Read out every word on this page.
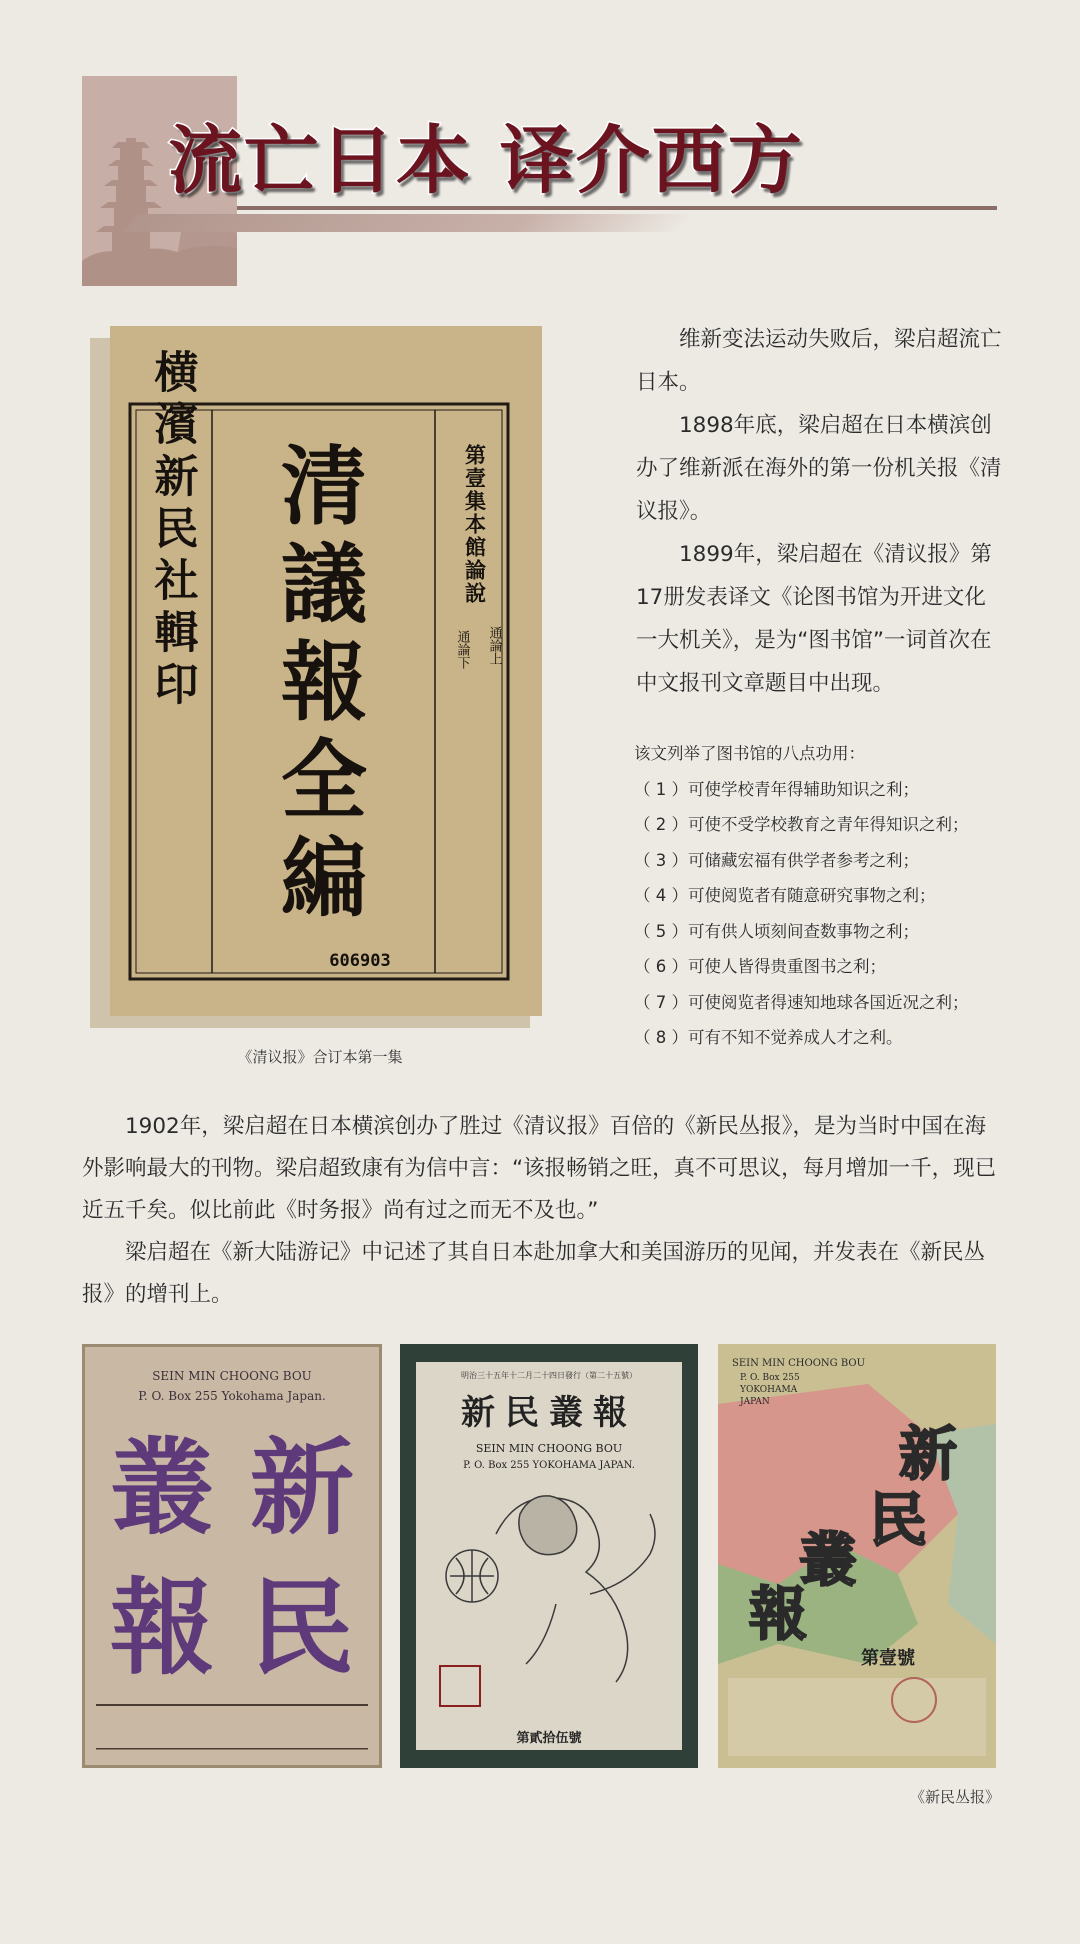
流亡日本 译介西方
清
議
報
全
編
606903
横濱新民社輯印	第壹集本館論說
通論上
通論下
《清议报》合订本第一集

维新变法运动失败后，梁启超流亡日本。

1898年底，梁启超在日本横滨创办了维新派在海外的第一份机关报《清议报》。

1899年，梁启超在《清议报》第17册发表译文《论图书馆为开进文化一大机关》，是为“图书馆”一词首次在中文报刊文章题目中出现。

该文列举了图书馆的八点功用：

（ 1 ）可使学校青年得辅助知识之利；
（ 2 ）可使不受学校教育之青年得知识之利；
（ 3 ）可储藏宏福有供学者参考之利；
（ 4 ）可使阅览者有随意研究事物之利；
（ 5 ）可有供人顷刻间查数事物之利；
（ 6 ）可使人皆得贵重图书之利；
（ 7 ）可使阅览者得速知地球各国近况之利；
（ 8 ）可有不知不觉养成人才之利。

1902年，梁启超在日本横滨创办了胜过《清议报》百倍的《新民丛报》，是为当时中国在海外影响最大的刊物。梁启超致康有为信中言：“该报畅销之旺，真不可思议，每月增加一千，现已近五千矣。似比前此《时务报》尚有过之而无不及也。”

梁启超在《新大陆游记》中记述了其自日本赴加拿大和美国游历的见闻，并发表在《新民丛报》的增刊上。

SEIN MIN CHOONG BOU
P. O. Box 255 Yokohama Japan.
新
叢
民
報
明治三十五年十二月二十四日發行（第二十五號）
新民叢報
SEIN MIN CHOONG BOU
P. O. Box 255 YOKOHAMA JAPAN.
第貳拾伍號
SEIN MIN CHOONG BOU
P. O. Box 255
YOKOHAMA
JAPAN
新
民
叢
報
第壹號
《新民丛报》
